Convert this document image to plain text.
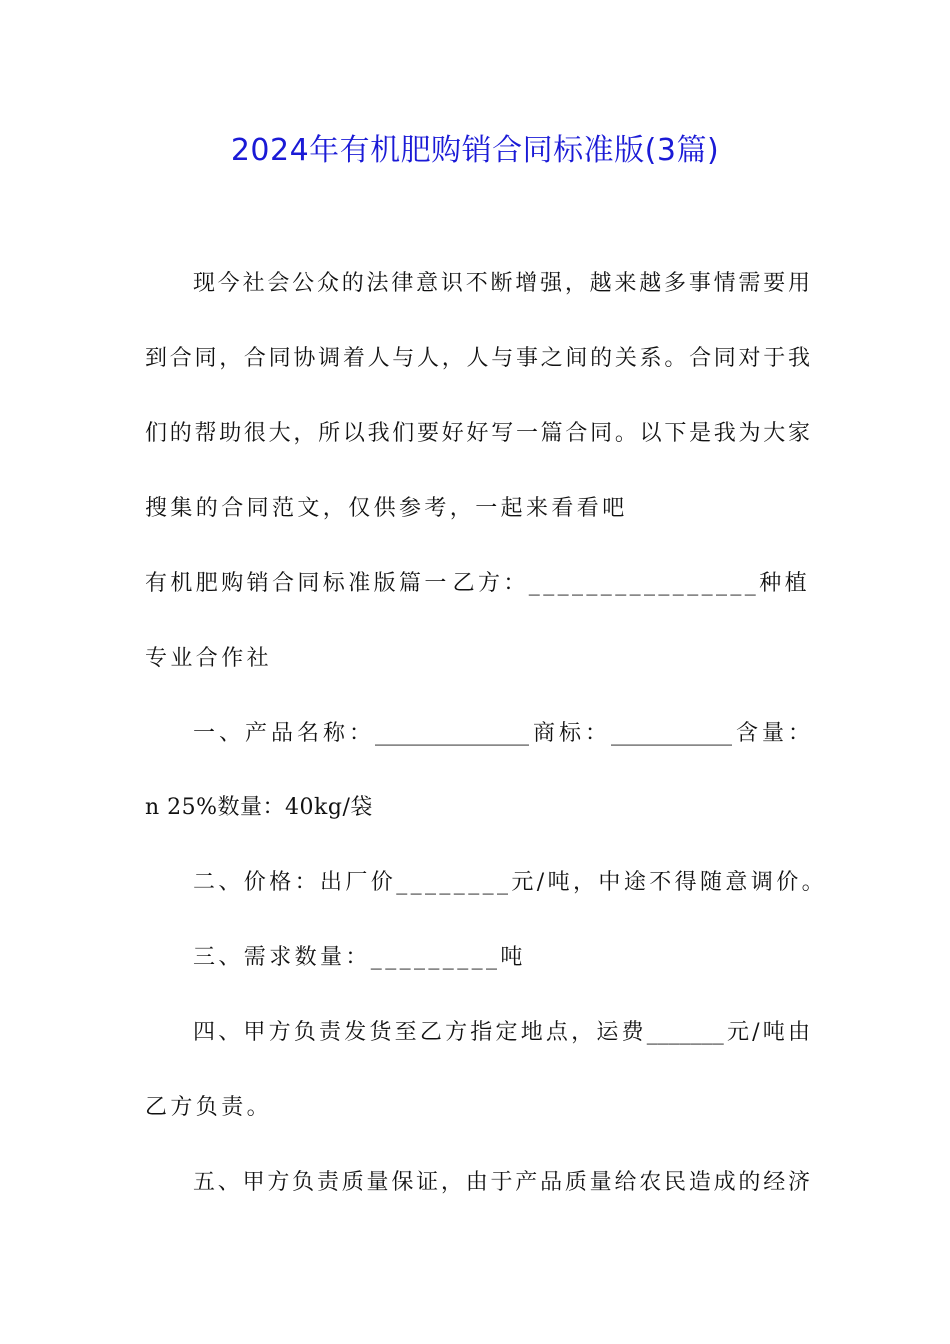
2024年有机肥购销合同标准版(3篇)
现今社会公众的法律意识不断增强，越来越多事情需要用
到合同，合同协调着人与人，人与事之间的关系。合同对于我
们的帮助很大，所以我们要好好写一篇合同。以下是我为大家
搜集的合同范文，仅供参考，一起来看看吧
有机肥购销合同标准版篇一 乙方：________________种植
专业合作社
一、产品名称：______________商标：___________含量：
n 25%数量：40kg/袋
二、价格：出厂价________元/吨，中途不得随意调价。
三、需求数量：_________吨
四、甲方负责发货至乙方指定地点，运费_______元/吨由
乙方负责。
五、甲方负责质量保证，由于产品质量给农民造成的经济
